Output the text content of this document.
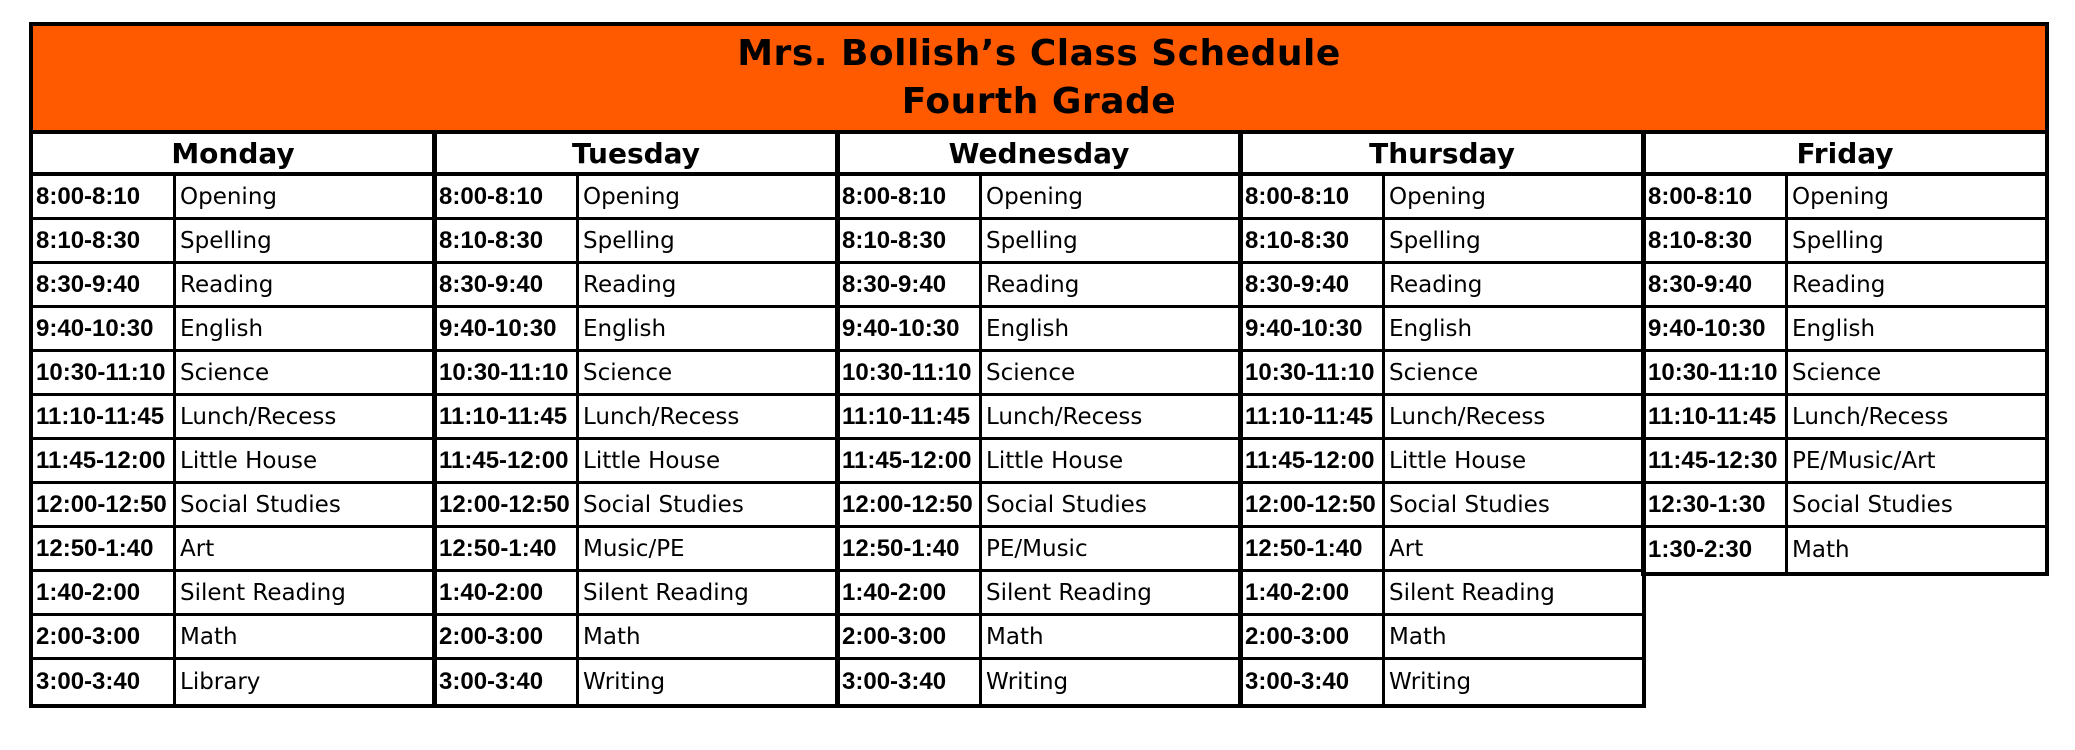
Mrs. Bollish’s Class Schedule
Fourth Grade
Monday
8:00-8:10	Opening
8:10-8:30	Spelling
8:30-9:40	Reading
9:40-10:30	English
10:30-11:10 Science
11:10-11:45 Lunch/Recess
11:45-12:00 Little House
12:00-12:50 Social Studies
12:50-1:40	Art
1:40-2:00	Silent Reading
2:00-3:00	Math
3:00-3:40	Library
Tuesday
8:00-8:10	Opening
8:10-8:30	Spelling
8:30-9:40	Reading
9:40-10:30	English
10:30-11:10 Science
11:10-11:45 Lunch/Recess
11:45-12:00 Little House
12:00-12:50 Social Studies
12:50-1:40	Music/PE
1:40-2:00	Silent Reading
2:00-3:00	Math
3:00-3:40	Writing
Wednesday
8:00-8:10	Opening
8:10-8:30	Spelling
8:30-9:40	Reading
9:40-10:30	English
10:30-11:10 Science
11:10-11:45 Lunch/Recess
11:45-12:00 Little House
12:00-12:50 Social Studies
12:50-1:40	PE/Music
1:40-2:00	Silent Reading
2:00-3:00	Math
3:00-3:40	Writing
Thursday
8:00-8:10	Opening
8:10-8:30	Spelling
8:30-9:40	Reading
9:40-10:30	English
10:30-11:10 Science
11:10-11:45 Lunch/Recess
11:45-12:00 Little House
12:00-12:50 Social Studies
12:50-1:40	Art
1:40-2:00	Silent Reading
2:00-3:00	Math
3:00-3:40	Writing
Friday
8:00-8:10	Opening
8:10-8:30	Spelling
8:30-9:40	Reading
9:40-10:30	English
10:30-11:10 Science
11:10-11:45 Lunch/Recess
11:45-12:30 PE/Music/Art
12:30-1:30	Social Studies
1:30-2:30	Math
